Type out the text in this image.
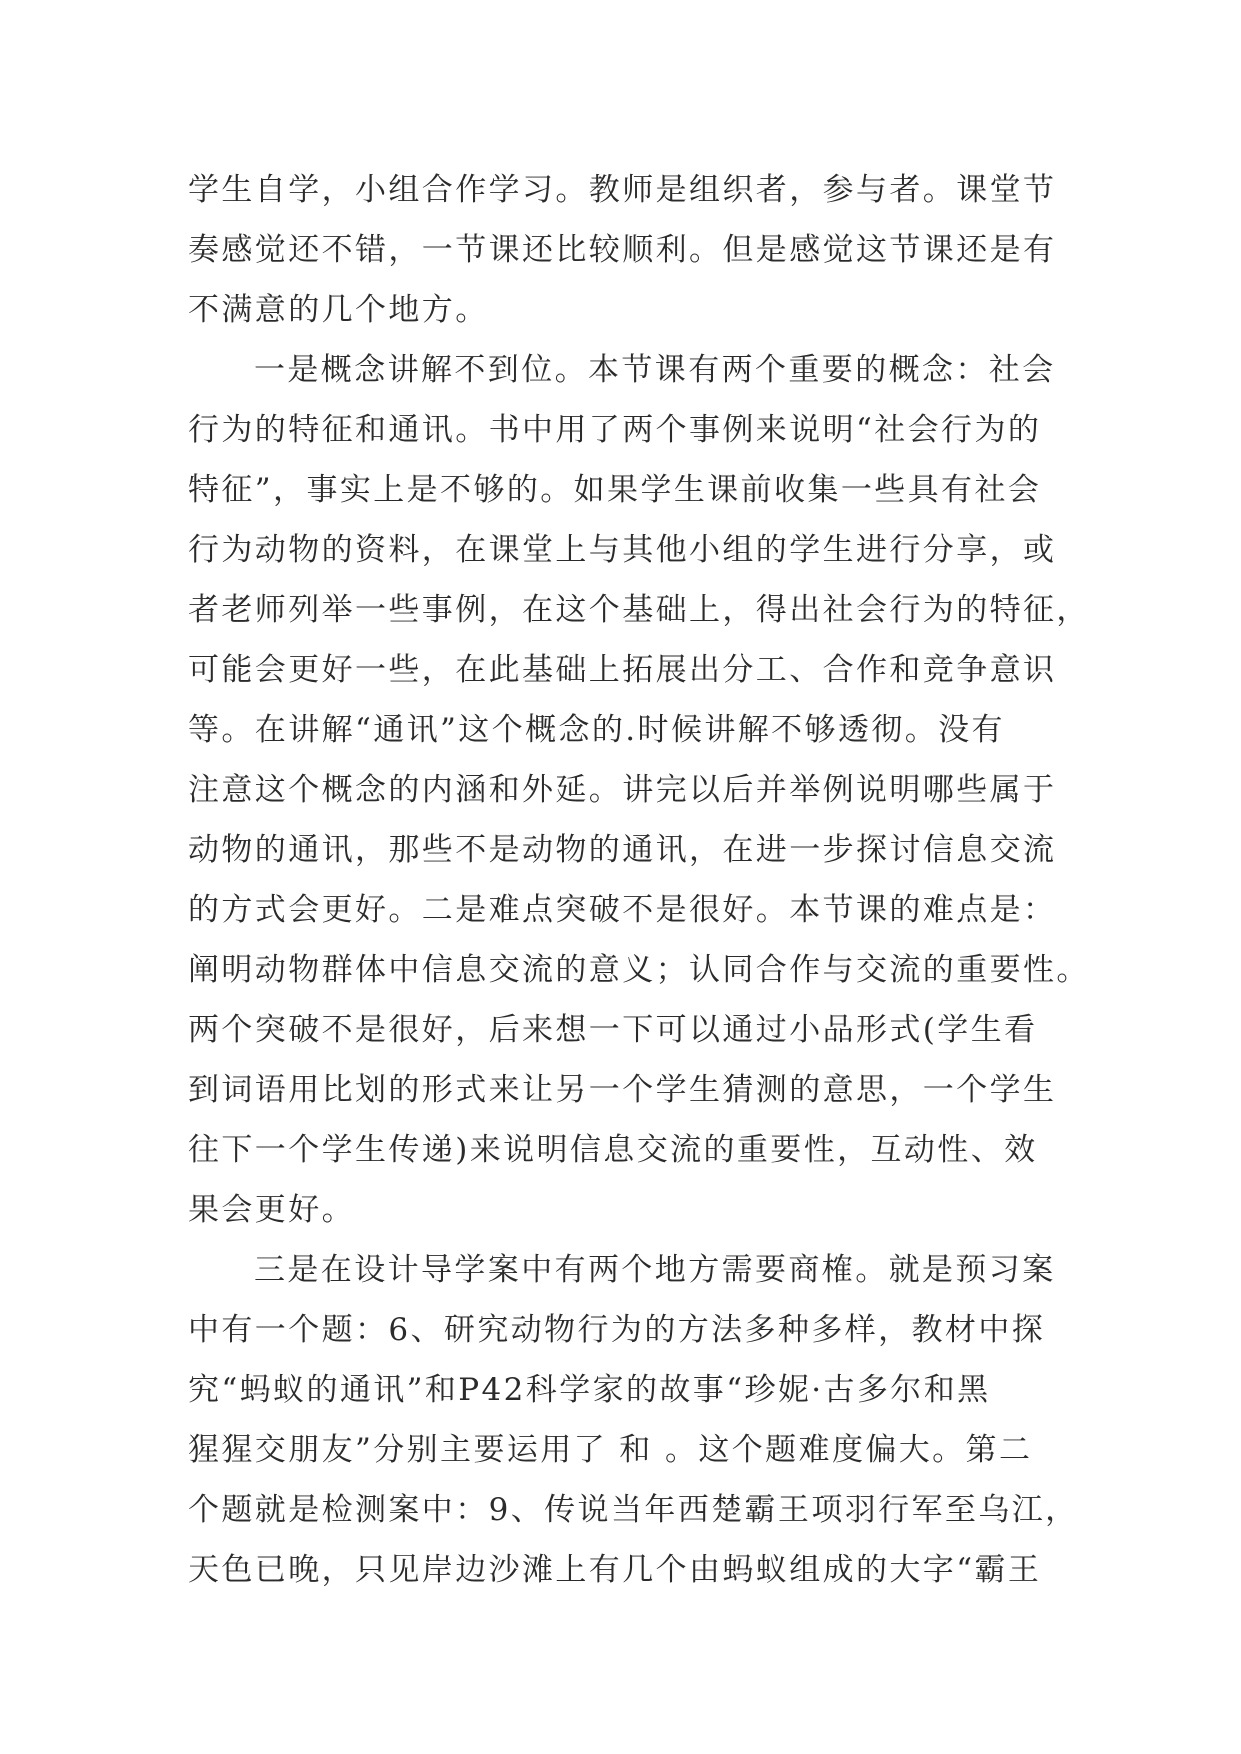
学生自学，小组合作学习。教师是组织者，参与者。课堂节
奏感觉还不错，一节课还比较顺利。但是感觉这节课还是有
不满意的几个地方。
一是概念讲解不到位。本节课有两个重要的概念：社会
行为的特征和通讯。书中用了两个事例来说明“社会行为的
特征”，事实上是不够的。如果学生课前收集一些具有社会
行为动物的资料，在课堂上与其他小组的学生进行分享，或
者老师列举一些事例，在这个基础上，得出社会行为的特征，
可能会更好一些，在此基础上拓展出分工、合作和竞争意识
等。在讲解“通讯”这个概念的.时候讲解不够透彻。没有
注意这个概念的内涵和外延。讲完以后并举例说明哪些属于
动物的通讯，那些不是动物的通讯，在进一步探讨信息交流
的方式会更好。二是难点突破不是很好。本节课的难点是：
阐明动物群体中信息交流的意义；认同合作与交流的重要性。
两个突破不是很好，后来想一下可以通过小品形式(学生看
到词语用比划的形式来让另一个学生猜测的意思，一个学生
往下一个学生传递)来说明信息交流的重要性，互动性、效
果会更好。
三是在设计导学案中有两个地方需要商榷。就是预习案
中有一个题：6、研究动物行为的方法多种多样，教材中探
究“蚂蚁的通讯”和P42科学家的故事“珍妮·古多尔和黑
猩猩交朋友”分别主要运用了 和 。这个题难度偏大。第二
个题就是检测案中：9、传说当年西楚霸王项羽行军至乌江，
天色已晚，只见岸边沙滩上有几个由蚂蚁组成的大字“霸王
